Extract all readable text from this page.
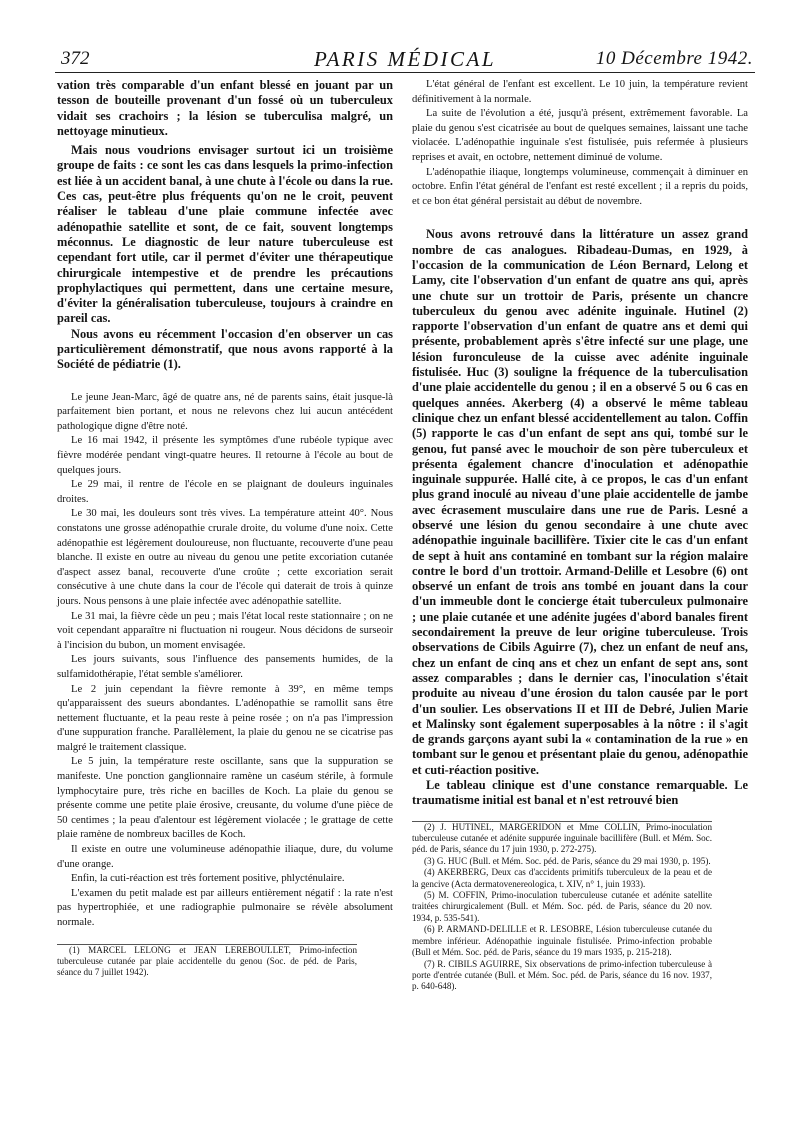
372	PARIS MÉDICAL	10 Décembre 1942.

vation très comparable d'un enfant blessé en jouant par un tesson de bouteille provenant d'un fossé où un tuberculeux vidait ses crachoirs ; la lésion se tuberculisa malgré, un nettoyage minutieux.

Mais nous voudrions envisager surtout ici un troisième groupe de faits : ce sont les cas dans lesquels la primo-infection est liée à un accident banal, à une chute à l'école ou dans la rue. Ces cas, peut-être plus fréquents qu'on ne le croit, peuvent réaliser le tableau d'une plaie commune infectée avec adénopathie satellite et sont, de ce fait, souvent longtemps méconnus. Le diagnostic de leur nature tuberculeuse est cependant fort utile, car il permet d'éviter une thérapeutique chirurgicale intempestive et de prendre les précautions prophylactiques qui permettent, dans une certaine mesure, d'éviter la généralisation tuberculeuse, toujours à craindre en pareil cas.

Nous avons eu récemment l'occasion d'en observer un cas particulièrement démonstratif, que nous avons rapporté à la Société de pédiatrie (1).

Le jeune Jean-Marc, âgé de quatre ans, né de parents sains, était jusque-là parfaitement bien portant, et nous ne relevons chez lui aucun antécédent pathologique digne d'être noté.

Le 16 mai 1942, il présente les symptômes d'une rubéole typique avec fièvre modérée pendant vingt-quatre heures. Il retourne à l'école au bout de quelques jours.

Le 29 mai, il rentre de l'école en se plaignant de douleurs inguinales droites.

Le 30 mai, les douleurs sont très vives. La température atteint 40°. Nous constatons une grosse adénopathie crurale droite, du volume d'une noix. Cette adénopathie est légèrement douloureuse, non fluctuante, recouverte d'une peau blanche. Il existe en outre au niveau du genou une petite excoriation cutanée d'aspect assez banal, recouverte d'une croûte ; cette excoriation serait consécutive à une chute dans la cour de l'école qui daterait de trois à quinze jours. Nous pensons à une plaie infectée avec adénopathie satellite.

Le 31 mai, la fièvre cède un peu ; mais l'état local reste stationnaire ; on ne voit cependant apparaître ni fluctuation ni rougeur. Nous décidons de surseoir à l'incision du bubon, un moment envisagée.

Les jours suivants, sous l'influence des pansements humides, de la sulfamidothérapie, l'état semble s'améliorer.

Le 2 juin cependant la fièvre remonte à 39°, en même temps qu'apparaissent des sueurs abondantes. L'adénopathie se ramollit sans être nettement fluctuante, et la peau reste à peine rosée ; on n'a pas l'impression d'une suppuration franche. Parallèlement, la plaie du genou ne se cicatrise pas malgré le traitement classique.

Le 5 juin, la température reste oscillante, sans que la suppuration se manifeste. Une ponction ganglionnaire ramène un caséum stérile, à formule lymphocytaire pure, très riche en bacilles de Koch. La plaie du genou se présente comme une petite plaie érosive, creusante, du volume d'une pièce de 50 centimes ; la peau d'alentour est légèrement violacée ; le grattage de cette plaie ramène de nombreux bacilles de Koch.

Il existe en outre une volumineuse adénopathie iliaque, dure, du volume d'une orange.

Enfin, la cuti-réaction est très fortement positive, phlycténulaire.

L'examen du petit malade est par ailleurs entièrement négatif : la rate n'est pas hypertrophiée, et une radiographie pulmonaire se révèle absolument normale.

(1) MARCEL LELONG et JEAN LEREBOULLET, Primo-infection tuberculeuse cutanée par plaie accidentelle du genou (Soc. de péd. de Paris, séance du 7 juillet 1942).

L'état général de l'enfant est excellent. Le 10 juin, la température revient définitivement à la normale.

La suite de l'évolution a été, jusqu'à présent, extrêmement favorable. La plaie du genou s'est cicatrisée au bout de quelques semaines, laissant une tache violacée. L'adénopathie inguinale s'est fistulisée, puis refermée à plusieurs reprises et avait, en octobre, nettement diminué de volume.

L'adénopathie iliaque, longtemps volumineuse, commençait à diminuer en octobre. Enfin l'état général de l'enfant est resté excellent ; il a repris du poids, et ce bon état général persistait au début de novembre.

Nous avons retrouvé dans la littérature un assez grand nombre de cas analogues. Ribadeau-Dumas, en 1929, à l'occasion de la communication de Léon Bernard, Lelong et Lamy, cite l'observation d'un enfant de quatre ans qui, après une chute sur un trottoir de Paris, présente un chancre tuberculeux du genou avec adénite inguinale. Hutinel (2) rapporte l'observation d'un enfant de quatre ans et demi qui présente, probablement après s'être infecté sur une plage, une lésion furonculeuse de la cuisse avec adénite inguinale fistulisée. Huc (3) souligne la fréquence de la tuberculisation d'une plaie accidentelle du genou ; il en a observé 5 ou 6 cas en quelques années. Akerberg (4) a observé le même tableau clinique chez un enfant blessé accidentellement au talon. Coffin (5) rapporte le cas d'un enfant de sept ans qui, tombé sur le genou, fut pansé avec le mouchoir de son père tuberculeux et présenta également chancre d'inoculation et adénopathie inguinale suppurée. Hallé cite, à ce propos, le cas d'un enfant plus grand inoculé au niveau d'une plaie accidentelle de jambe avec écrasement musculaire dans une rue de Paris. Lesné a observé une lésion du genou secondaire à une chute avec adénopathie inguinale bacillifère. Tixier cite le cas d'un enfant de sept à huit ans contaminé en tombant sur la région malaire contre le bord d'un trottoir. Armand-Delille et Lesobre (6) ont observé un enfant de trois ans tombé en jouant dans la cour d'un immeuble dont le concierge était tuberculeux pulmonaire ; une plaie cutanée et une adénite jugées d'abord banales firent secondairement la preuve de leur origine tuberculeuse. Trois observations de Cibils Aguirre (7), chez un enfant de neuf ans, chez un enfant de cinq ans et chez un enfant de sept ans, sont assez comparables ; dans le dernier cas, l'inoculation s'était produite au niveau d'une érosion du talon causée par le port d'un soulier. Les observations II et III de Debré, Julien Marie et Malinsky sont également superposables à la nôtre : il s'agit de grands garçons ayant subi la « contamination de la rue » en tombant sur le genou et présentant plaie du genou, adénopathie et cuti-réaction positive.

Le tableau clinique est d'une constance remarquable. Le traumatisme initial est banal et n'est retrouvé bien

(2) J. HUTINEL, MARGERIDON et Mme COLLIN, Primo-inoculation tuberculeuse cutanée et adénite suppurée inguinale bacillifère (Bull. et Mém. Soc. péd. de Paris, séance du 17 juin 1930, p. 272-275).

(3) G. HUC (Bull. et Mém. Soc. péd. de Paris, séance du 29 mai 1930, p. 195).

(4) AKERBERG, Deux cas d'accidents primitifs tuberculeux de la peau et de la gencive (Acta dermatovenereologica, t. XIV, n° 1, juin 1933).

(5) M. COFFIN, Primo-inoculation tuberculeuse cutanée et adénite satellite traitées chirurgicalement (Bull. et Mém. Soc. péd. de Paris, séance du 20 nov. 1934, p. 535-541).

(6) P. ARMAND-DELILLE et R. LESOBRE, Lésion tuberculeuse cutanée du membre inférieur. Adénopathie inguinale fistulisée. Primo-infection probable (Bull et Mém. Soc. péd. de Paris, séance du 19 mars 1935, p. 215-218).

(7) R. CIBILS AGUIRRE, Six observations de primo-infection tuberculeuse à porte d'entrée cutanée (Bull. et Mém. Soc. péd. de Paris, séance du 16 nov. 1937, p. 640-648).
